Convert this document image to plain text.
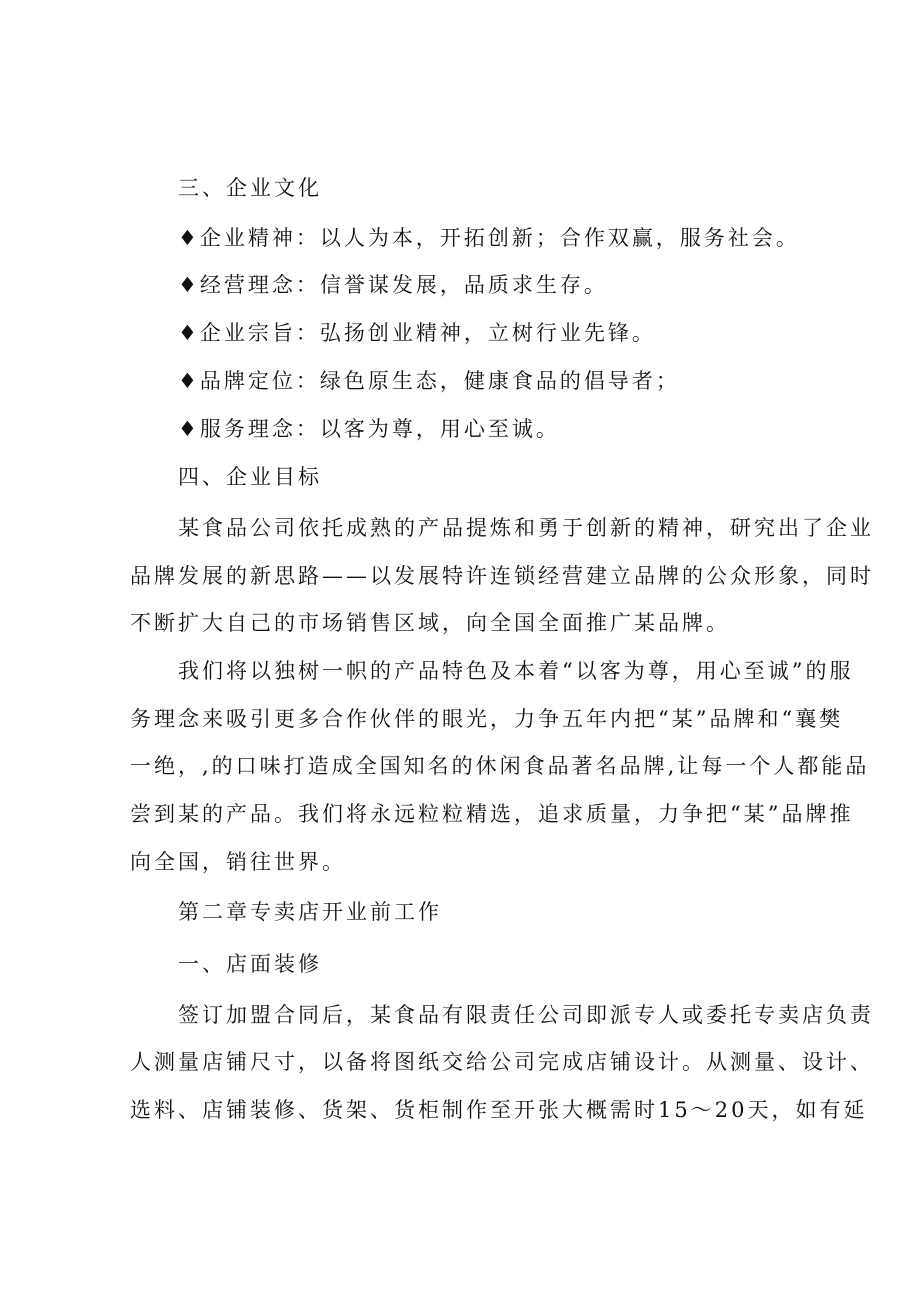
三、企业文化
♦企业精神：以人为本，开拓创新；合作双赢，服务社会。
♦经营理念：信誉谋发展，品质求生存。
♦企业宗旨：弘扬创业精神，立树行业先锋。
♦品牌定位：绿色原生态，健康食品的倡导者；
♦服务理念：以客为尊，用心至诚。
四、企业目标
某食品公司依托成熟的产品提炼和勇于创新的精神，研究出了企业
品牌发展的新思路——以发展特许连锁经营建立品牌的公众形象，同时
不断扩大自己的市场销售区域，向全国全面推广某品牌。
我们将以独树一帜的产品特色及本着“以客为尊，用心至诚”的服
务理念来吸引更多合作伙伴的眼光，力争五年内把“某”品牌和“襄樊
一绝，,的口味打造成全国知名的休闲食品著名品牌,让每一个人都能品
尝到某的产品。我们将永远粒粒精选，追求质量，力争把“某”品牌推
向全国，销往世界。
第二章专卖店开业前工作
一、店面装修
签订加盟合同后，某食品有限责任公司即派专人或委托专卖店负责
人测量店铺尺寸，以备将图纸交给公司完成店铺设计。从测量、设计、
选料、店铺装修、货架、货柜制作至开张大概需时15～20天，如有延
